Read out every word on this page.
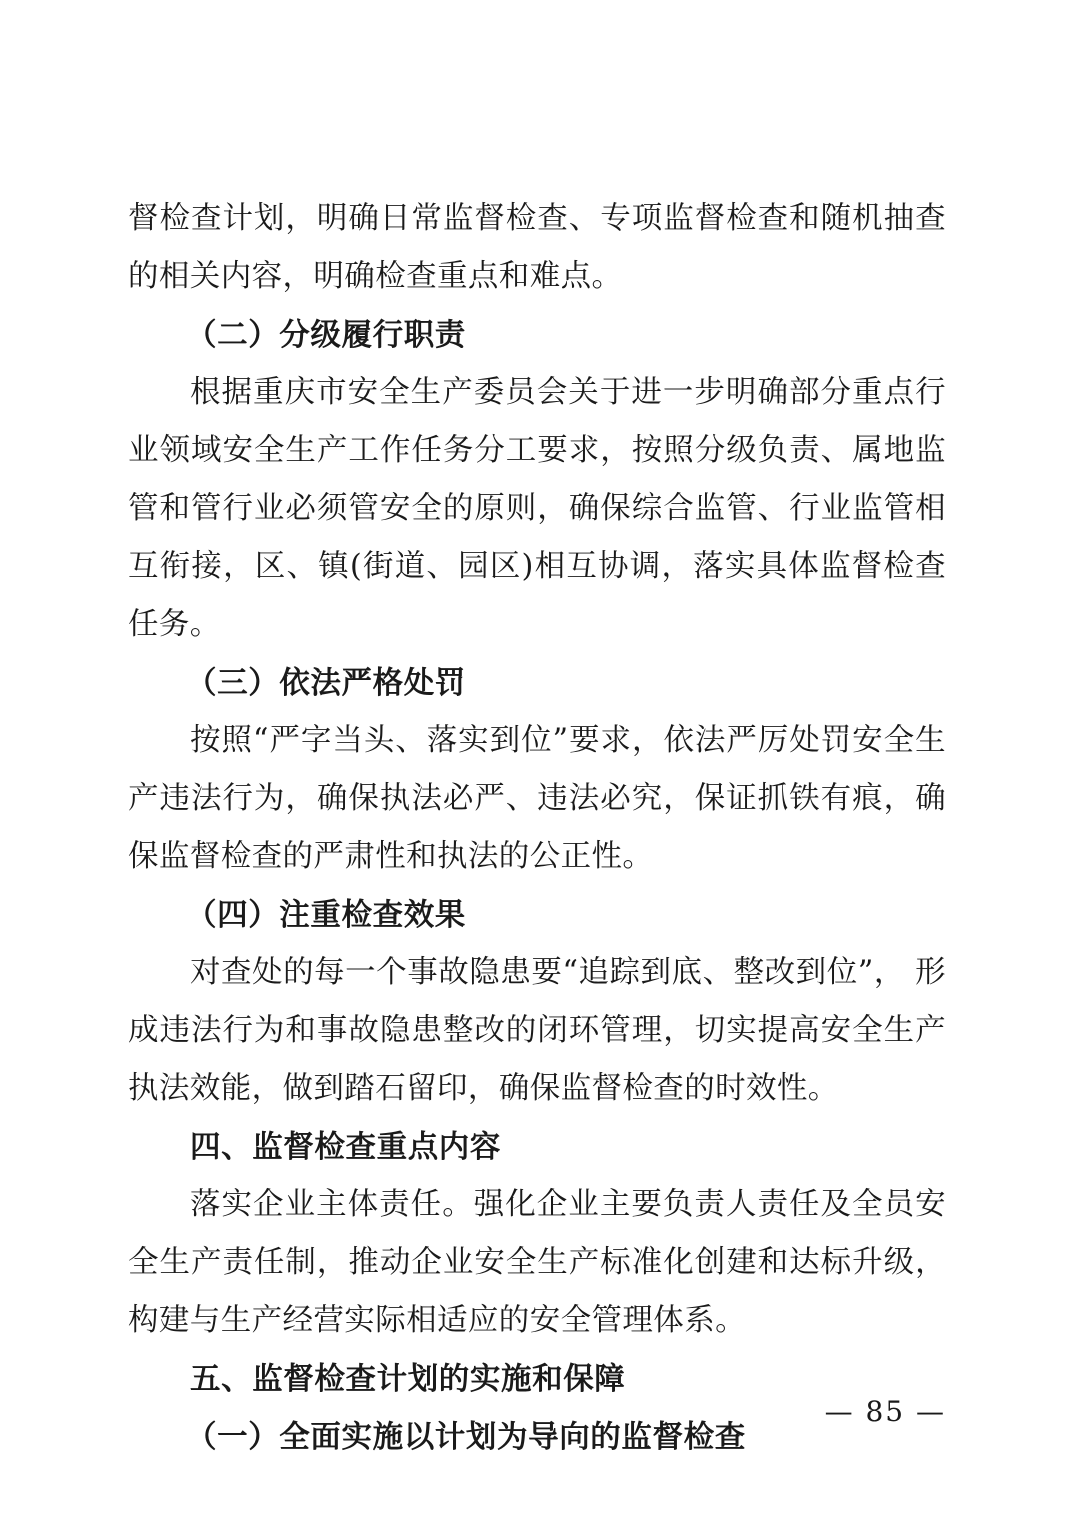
督检查计划，明确日常监督检查、专项监督检查和随机抽查的相关内容，明确检查重点和难点。

（二）分级履行职责

根据重庆市安全生产委员会关于进一步明确部分重点行业领域安全生产工作任务分工要求，按照分级负责、属地监管和管行业必须管安全的原则，确保综合监管、行业监管相互衔接，区、镇(街道、园区)相互协调，落实具体监督检查任务。

（三）依法严格处罚

按照“严字当头、落实到位”要求，依法严厉处罚安全生产违法行为，确保执法必严、违法必究，保证抓铁有痕，确保监督检查的严肃性和执法的公正性。

（四）注重检查效果

对查处的每一个事故隐患要“追踪到底、整改到位”， 形成违法行为和事故隐患整改的闭环管理，切实提高安全生产执法效能，做到踏石留印，确保监督检查的时效性。

四、监督检查重点内容

落实企业主体责任。强化企业主要负责人责任及全员安全生产责任制，推动企业安全生产标准化创建和达标升级，构建与生产经营实际相适应的安全管理体系。

五、监督检查计划的实施和保障

（一）全面实施以计划为导向的监督检查

— 85 —
